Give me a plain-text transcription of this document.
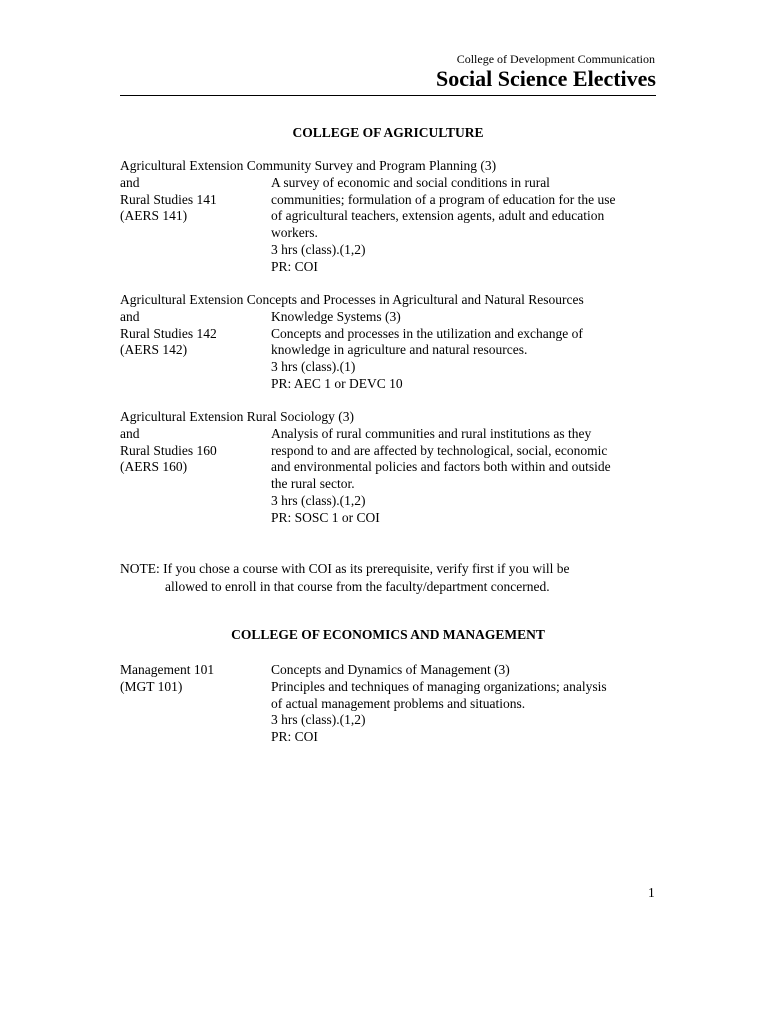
College of Development Communication
Social Science Electives
COLLEGE OF AGRICULTURE
Agricultural Extension Community Survey and Program Planning (3)
and
Rural Studies 141
(AERS 141)
A survey of economic and social conditions in rural
communities; formulation of a program of education for the use
of agricultural teachers, extension agents, adult and education
workers.
3 hrs (class).(1,2)
PR: COI
Agricultural Extension Concepts and Processes in Agricultural and Natural Resources
and
Rural Studies 142
(AERS 142)
Knowledge Systems (3)
Concepts and processes in the utilization and exchange of
knowledge in agriculture and natural resources.
3 hrs (class).(1)
PR: AEC 1 or DEVC 10
Agricultural Extension Rural Sociology (3)
and
Rural Studies 160
(AERS 160)
Analysis of rural communities and rural institutions as they
respond to and are affected by technological, social, economic
and environmental policies and factors both within and outside
the rural sector.
3 hrs (class).(1,2)
PR: SOSC 1 or COI
NOTE: If you chose a course with COI as its prerequisite, verify first if you will be
allowed to enroll in that course from the faculty/department concerned.
COLLEGE OF ECONOMICS AND MANAGEMENT
Management 101
(MGT 101)
Concepts and Dynamics of Management (3)
Principles and techniques of managing organizations; analysis
of actual management problems and situations.
3 hrs (class).(1,2)
PR: COI
1
